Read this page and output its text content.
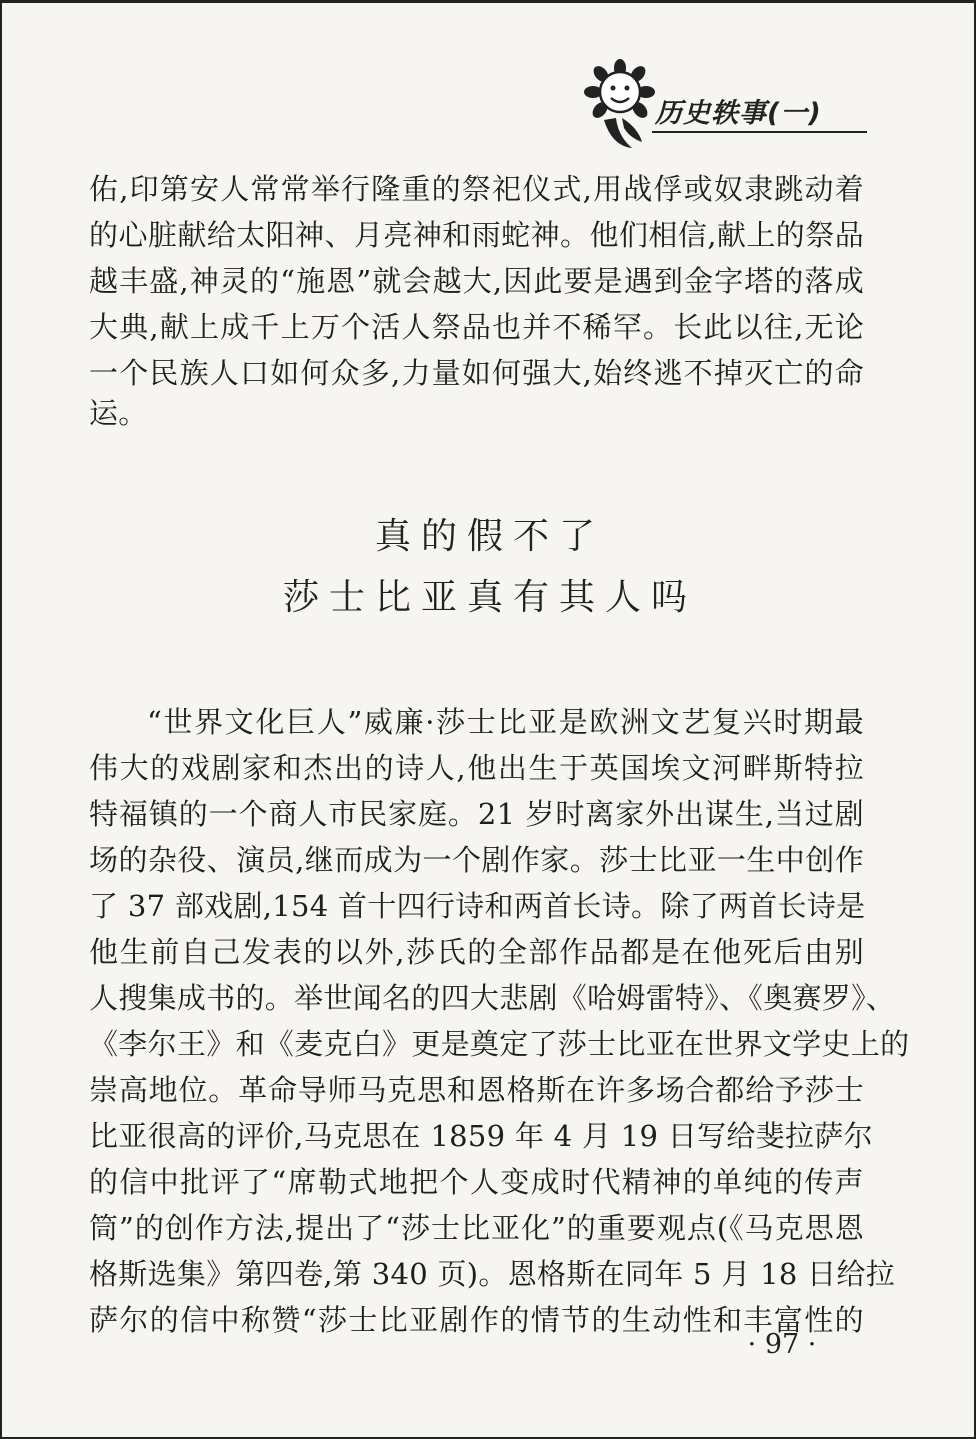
历史轶事(一)
佑,印第安人常常举行隆重的祭祀仪式,用战俘或奴隶跳动着
的心脏献给太阳神、月亮神和雨蛇神。他们相信,献上的祭品
越丰盛,神灵的“施恩”就会越大,因此要是遇到金字塔的落成
大典,献上成千上万个活人祭品也并不稀罕。长此以往,无论
一个民族人口如何众多,力量如何强大,始终逃不掉灭亡的命
运。
真的假不了
莎士比亚真有其人吗
“世界文化巨人”威廉·莎士比亚是欧洲文艺复兴时期最
伟大的戏剧家和杰出的诗人,他出生于英国埃文河畔斯特拉
特福镇的一个商人市民家庭。21 岁时离家外出谋生,当过剧
场的杂役、演员,继而成为一个剧作家。莎士比亚一生中创作
了 37 部戏剧,154 首十四行诗和两首长诗。除了两首长诗是
他生前自己发表的以外,莎氏的全部作品都是在他死后由别
人搜集成书的。举世闻名的四大悲剧《哈姆雷特》、《奥赛罗》、
《李尔王》和《麦克白》更是奠定了莎士比亚在世界文学史上的
崇高地位。革命导师马克思和恩格斯在许多场合都给予莎士
比亚很高的评价,马克思在 1859 年 4 月 19 日写给斐拉萨尔
的信中批评了“席勒式地把个人变成时代精神的单纯的传声
筒”的创作方法,提出了“莎士比亚化”的重要观点(《马克思恩
格斯选集》第四卷,第 340 页)。恩格斯在同年 5 月 18 日给拉
萨尔的信中称赞“莎士比亚剧作的情节的生动性和丰富性的
· 97 ·
